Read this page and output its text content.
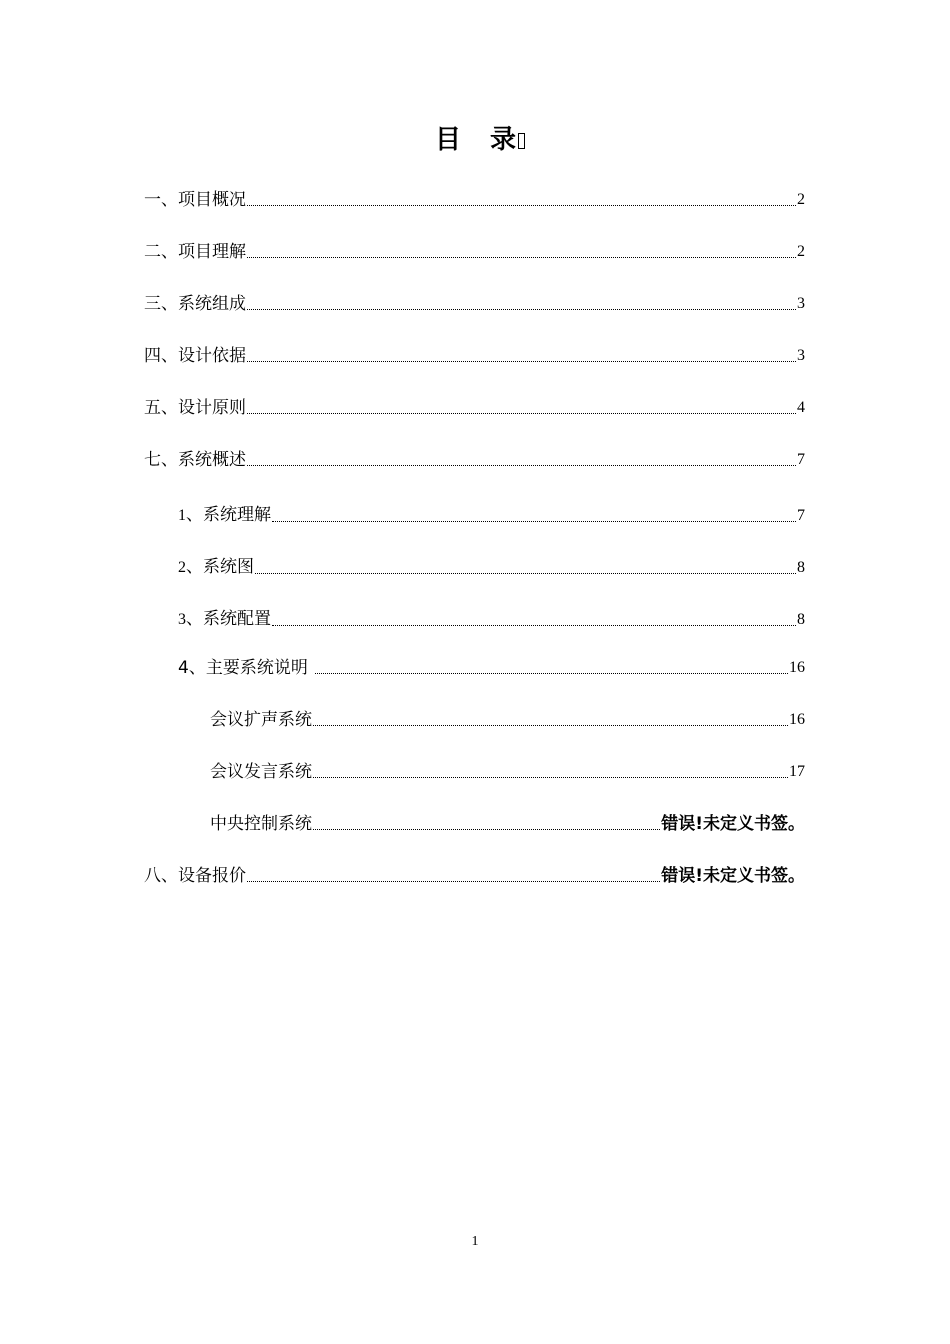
目 录
一、项目概况	2
二、项目理解	2
三、系统组成	3
四、设计依据	3
五、设计原则	4
七、系统概述	7
1、系统理解	7
2、系统图	8
3、系统配置	8
4、主要系统说明	16
会议扩声系统	16
会议发言系统	17
中央控制系统	错误!未定义书签。
八、设备报价	错误!未定义书签。
1
